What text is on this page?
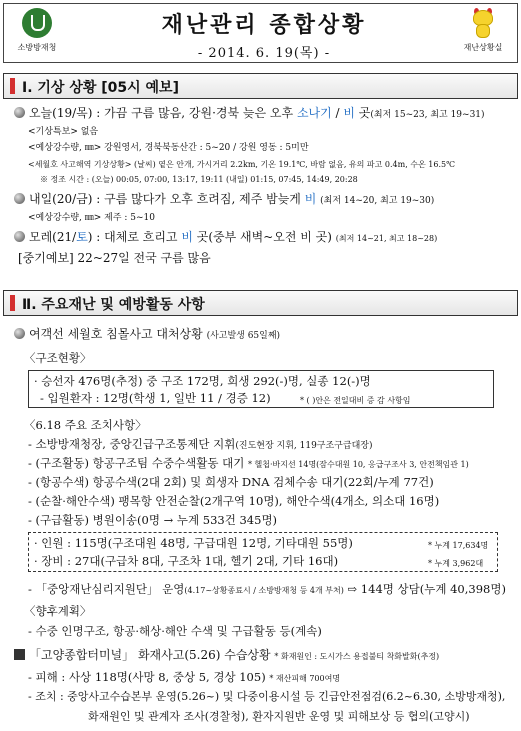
소방방재청
재난관리 종합상황
- 2014. 6. 19(목) -	재난상황실
Ⅰ. 기상 상황 [05시 예보]
오늘(19/목) : 가끔 구름 많음, 강원·경북 늦은 오후 소나기 / 비 곳(최저 15~23, 최고 19~31)
<기상특보> 없음
<예상강수량, ㎜> 강원영서, 경북북동산간 : 5~20 / 강원 영동 : 5미만
<세월호 사고해역 기상상황> (날씨) 옅은 안개, 가시거리 2.2km, 기온 19.1℃, 바람 없음, 유의 파고 0.4m, 수온 16.5℃
※ 정조 시간 : (오늘) 00:05, 07:00, 13:17, 19:11 (내일) 01:15, 07:45, 14:49, 20:28
내일(20/금) : 구름 많다가 오후 흐려짐, 제주 밤늦게 비 (최저 14~20, 최고 19~30)
<예상강수량, ㎜> 제주 : 5~10
모레(21/토) : 대체로 흐리고 비 곳(중부 새벽~오전 비 곳) (최저 14~21, 최고 18~28)
[중기예보] 22~27일 전국 구름 많음
Ⅱ. 주요재난 및 예방활동 사항
여객선 세월호 침몰사고 대처상황 (사고발생 65일째)
〈구조현황〉
· 승선자 476명(추정) 중 구조 172명, 희생 292(-)명, 실종 12(-)명
- 입원환자 : 12명(학생 1, 일반 11 / 경증 12)	* ( )안은 전일대비 증 감 사항임
〈6.18 주요 조치사항〉
- 소방방재청장, 중앙긴급구조통제단 지휘(진도현장 지휘, 119구조구급대장)
- (구조활동) 항공구조팀 수중수색활동 대기 * 헬첩·바지선 14명(잠수대원 10, 응급구조사 3, 안전책임관 1)
- (항공수색) 항공수색(2대 2회) 및 희생자 DNA 검체수송 대기(22회/누계 77건)
- (순찰·해안수색) 팽목항 안전순찰(2개구역 10명), 해안수색(4개소, 의소대 16명)
- (구급활동) 병원이송(0명 → 누계 533건 345명)
· 인원 : 115명(구조대원 48명, 구급대원 12명, 기타대원 55명)	* 누계 17,634명
· 장비 : 27대(구급차 8대, 구조차 1대, 헬기 2대, 기타 16대)	* 누계 3,962대
- 「중앙재난심리지원단」 운영(4.17~상황종료시 / 소방방재청 등 4개 부처) ⇨ 144명 상담(누계 40,398명)
〈향후계획〉
- 수중 인명구조, 항공·해상·해안 수색 및 구급활동 등(계속)
「고양종합터미널」 화재사고(5.26) 수습상황 * 화재원인 : 도시가스 용접불티 착화발화(추정)
- 피해 : 사상 118명(사망 8, 중상 5, 경상 105) * 재산피해 700여명
- 조치 : 중앙사고수습본부 운영(5.26~) 및 다중이용시설 등 긴급안전점검(6.2~6.30, 소방방재청),
화재원인 및 관계자 조사(경찰청), 환자지원반 운영 및 피해보상 등 협의(고양시)
